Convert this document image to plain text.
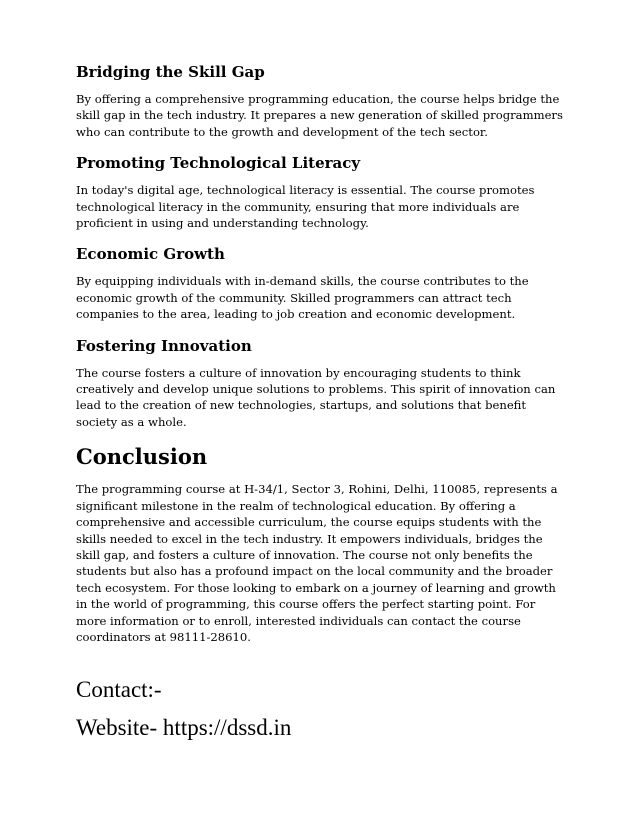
Bridging the Skill Gap

By offering a comprehensive programming education, the course helps bridge the skill gap in the tech industry. It prepares a new generation of skilled programmers who can contribute to the growth and development of the tech sector.

Promoting Technological Literacy

In today's digital age, technological literacy is essential. The course promotes technological literacy in the community, ensuring that more individuals are proficient in using and understanding technology.

Economic Growth

By equipping individuals with in-demand skills, the course contributes to the economic growth of the community. Skilled programmers can attract tech companies to the area, leading to job creation and economic development.

Fostering Innovation

The course fosters a culture of innovation by encouraging students to think creatively and develop unique solutions to problems. This spirit of innovation can lead to the creation of new technologies, startups, and solutions that benefit society as a whole.

Conclusion

The programming course at H-34/1, Sector 3, Rohini, Delhi, 110085, represents a significant milestone in the realm of technological education. By offering a comprehensive and accessible curriculum, the course equips students with the skills needed to excel in the tech industry. It empowers individuals, bridges the skill gap, and fosters a culture of innovation. The course not only benefits the students but also has a profound impact on the local community and the broader tech ecosystem. For those looking to embark on a journey of learning and growth in the world of programming, this course offers the perfect starting point. For more information or to enroll, interested individuals can contact the course coordinators at 98111-28610.

Contact:-

Website- https://dssd.in
